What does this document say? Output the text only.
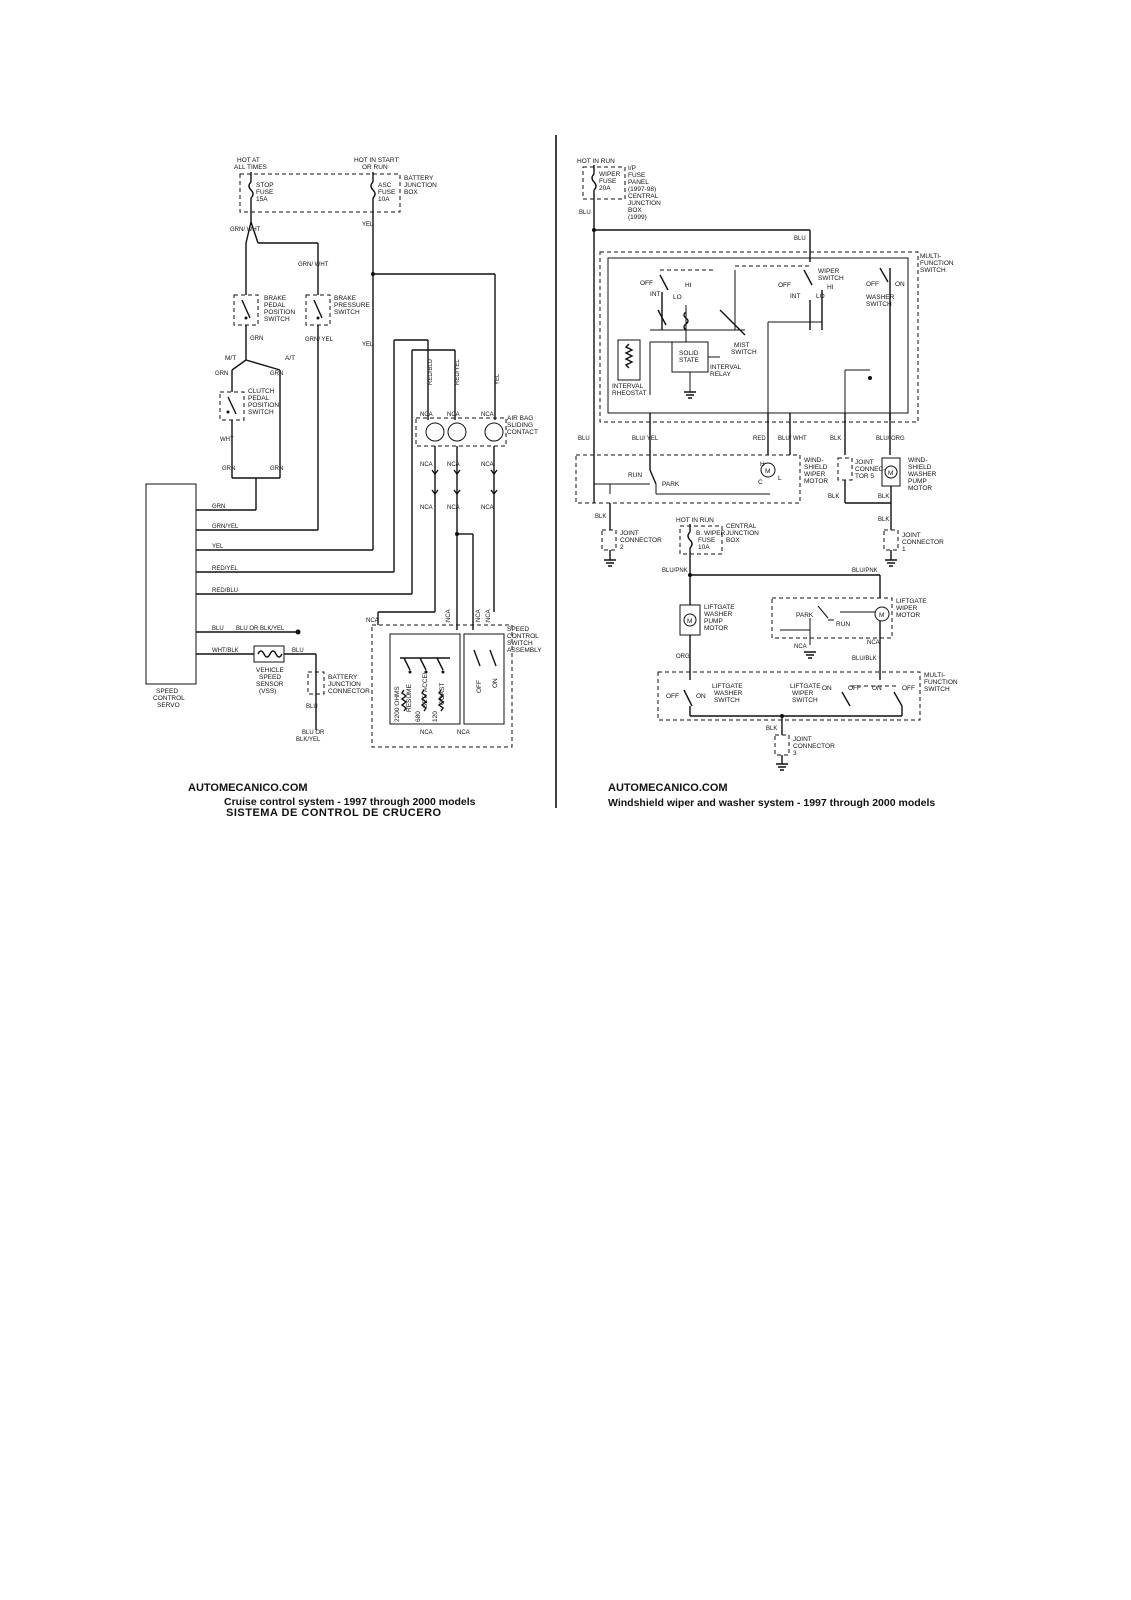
HOT AT
ALL TIMES
HOT IN START
OR RUN
STOP
FUSE
15A
ASC
FUSE
10A
BATTERY
JUNCTION
BOX
GRN/ WHT
GRN/ WHT
YEL
YEL
BRAKE
PEDAL
POSITION
SWITCH
BRAKE
PRESSURE
SWITCH
GRN	GRN/ YEL
M/T	A/T
GRN	GRN
CLUTCH
PEDAL
POSITION
SWITCH
WHT
GRN	GRN
SPEED
CONTROL
SERVO
GRN
GRN/YEL
YEL
RED/YEL
RED/BLU
BLU BLU OR BLK/YEL
WHT/BLK
VEHICLE
SPEED
SENSOR
(VSS)
BLU
BATTERY
JUNCTION
CONNECTOR
BLU
BLU OR
BLK/YEL
RED/BLU	RED/YEL	YEL
AIR BAG
SLIDING
CONTACT
NCA NCA	NCA
NCA NCA	NCA
NCA NCA	NCA
NCA	NCA	NCA NCA
SPEED
CONTROL
SWITCH
ASSEMBLY
RESUME SET/ ACCEL COAST	OFF ON
2200 OHMS 680 120
NCA	NCA
AUTOMECANICO.COM
Cruise control system - 1997 through 2000 models
SISTEMA DE CONTROL DE CRUCERO
HOT IN RUN
WIPER
FUSE
20A
I/P
FUSE
PANEL
(1997-98)
CENTRAL
JUNCTION
BOX
(1999)
BLU
BLU
MULTI-
FUNCTION
SWITCH
OFF	HI
INT LO
WIPER
SWITCH
OFF
INT LO
HI	OFF ON
WASHER
SWITCH
MIST
SWITCH
SOLID
STATE
INTERVAL
RELAY
INTERVAL
RHEOSTAT
BLU	BLU/ YEL	RED BLU/ WHT	BLK	BLU/ ORG
RUN
PARK
M
C
H
L
WIND-
SHIELD
WIPER
MOTOR
JOINT
CONNEC-
TOR 5
BLK
M
WIND-
SHIELD
WASHER
PUMP
MOTOR
BLK
BLK
BLK
JOINT
CONNECTOR
2
JOINT
CONNECTOR
1
HOT IN RUN
B. WIPER
FUSE
10A
CENTRAL
JUNCTION
BOX
BLU/PNK	BLU/PNK
M
LIFTGATE
WASHER
PUMP
MOTOR
ORG
M
LIFTGATE
WIPER
MOTOR
PARK
RUN
NCA
NCA
BLU/BLK
MULTI-
FUNCTION
SWITCH
OFF	ON
LIFTGATE
WASHER
SWITCH
LIFTGATE
WIPER
SWITCH
ON	OFF ON	OFF
BLK
JOINT
CONNECTOR
3
AUTOMECANICO.COM
Windshield wiper and washer system - 1997 through 2000 models
